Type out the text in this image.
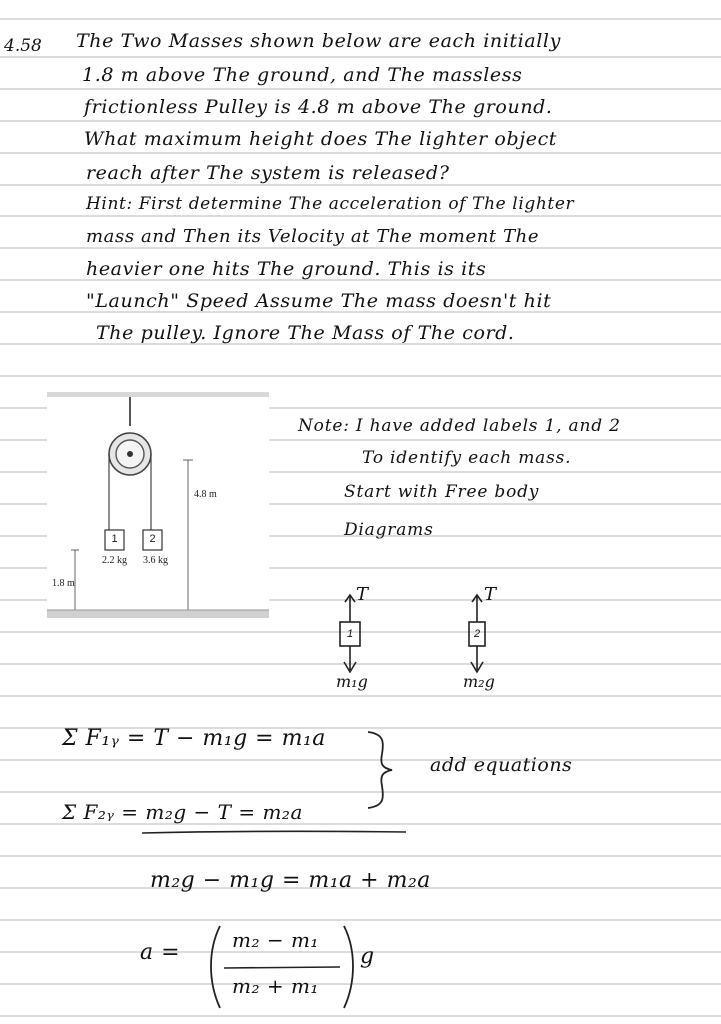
4.58 The Two Masses shown below are each initially
1.8 m above The ground, and The massless
frictionless Pulley is 4.8 m above The ground.
What maximum height does The lighter object
reach after The system is released?
Hint: First determine The acceleration of The lighter
mass and Then its Velocity at The moment The
heavier one hits The ground. This is its
"Launch" Speed Assume The mass doesn't hit
The pulley. Ignore The Mass of The cord.
1	2
2.2 kg 3.6 kg
4.8 m
1.8 m
Note: I have added labels 1, and 2
To identify each mass.
Start with Free body
Diagrams
1
T
m₁g
2
T
m₂g
Σ F₁ᵧ = T − m₁g = m₁a
Σ F₂ᵧ = m₂g − T = m₂a
add equations
m₂g − m₁g = m₁a + m₂a
a =	m₂ − m₁
m₂ + m₁
g
